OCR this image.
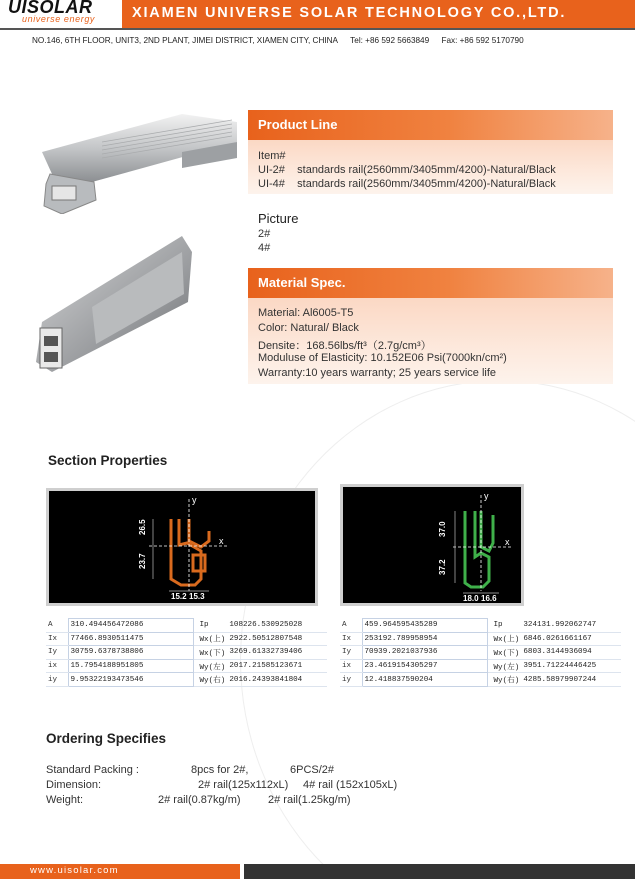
UISOLAR
universe energy	XIAMEN UNIVERSE SOLAR TECHNOLOGY CO.,LTD.
NO.146, 6TH FLOOR, UNIT3, 2ND PLANT, JIMEI DISTRICT, XIAMEN CITY, CHINA Tel: +86 592 5663849 Fax: +86 592 5170790
Product Line
Item#
UI-2# standards rail(2560mm/3405mm/4200)-Natural/Black
UI-4# standards rail(2560mm/3405mm/4200)-Natural/Black
Picture
2#
4#
Material Spec.
Material: Al6005-T5
Color: Natural/ Black
Densite：168.56lbs/ft³（2.7g/cm³）
Moduluse of Elasticity: 10.152E06 Psi(7000kn/cm²)
Warranty:10 years warranty; 25 years service life
Section Properties
26.5
23.7
15.2 15.3
y
x
37.0
37.2
18.0 16.6
y
x
A	310.494456472086	Ip	108226.530925028
Ix	77466.8930511475	Wx(上)	2922.50512807548
Iy	30759.6378738806	Wx(下)	3269.61332739406
ix	15.7954188951805	Wy(左)	2017.21585123671
iy	9.95322193473546	Wy(右)	2016.24393841804
A	459.964595435289	Ip	324131.992062747
Ix	253192.789958954	Wx(上)	6846.0261661167
Iy	70939.2021037936	Wx(下)	6803.3144936094
ix	23.4619154305297	Wy(左)	3951.71224446425
iy	12.418837590204	Wy(右)	4285.58979907244
Ordering Specifies
Standard Packing :	8pcs for 2#,	6PCS/2#
Dimension:	2# rail(125x112xL) 4# rail (152x105xL)
Weight:	2# rail(0.87kg/m) 2# rail(1.25kg/m)
www.uisolar.com
